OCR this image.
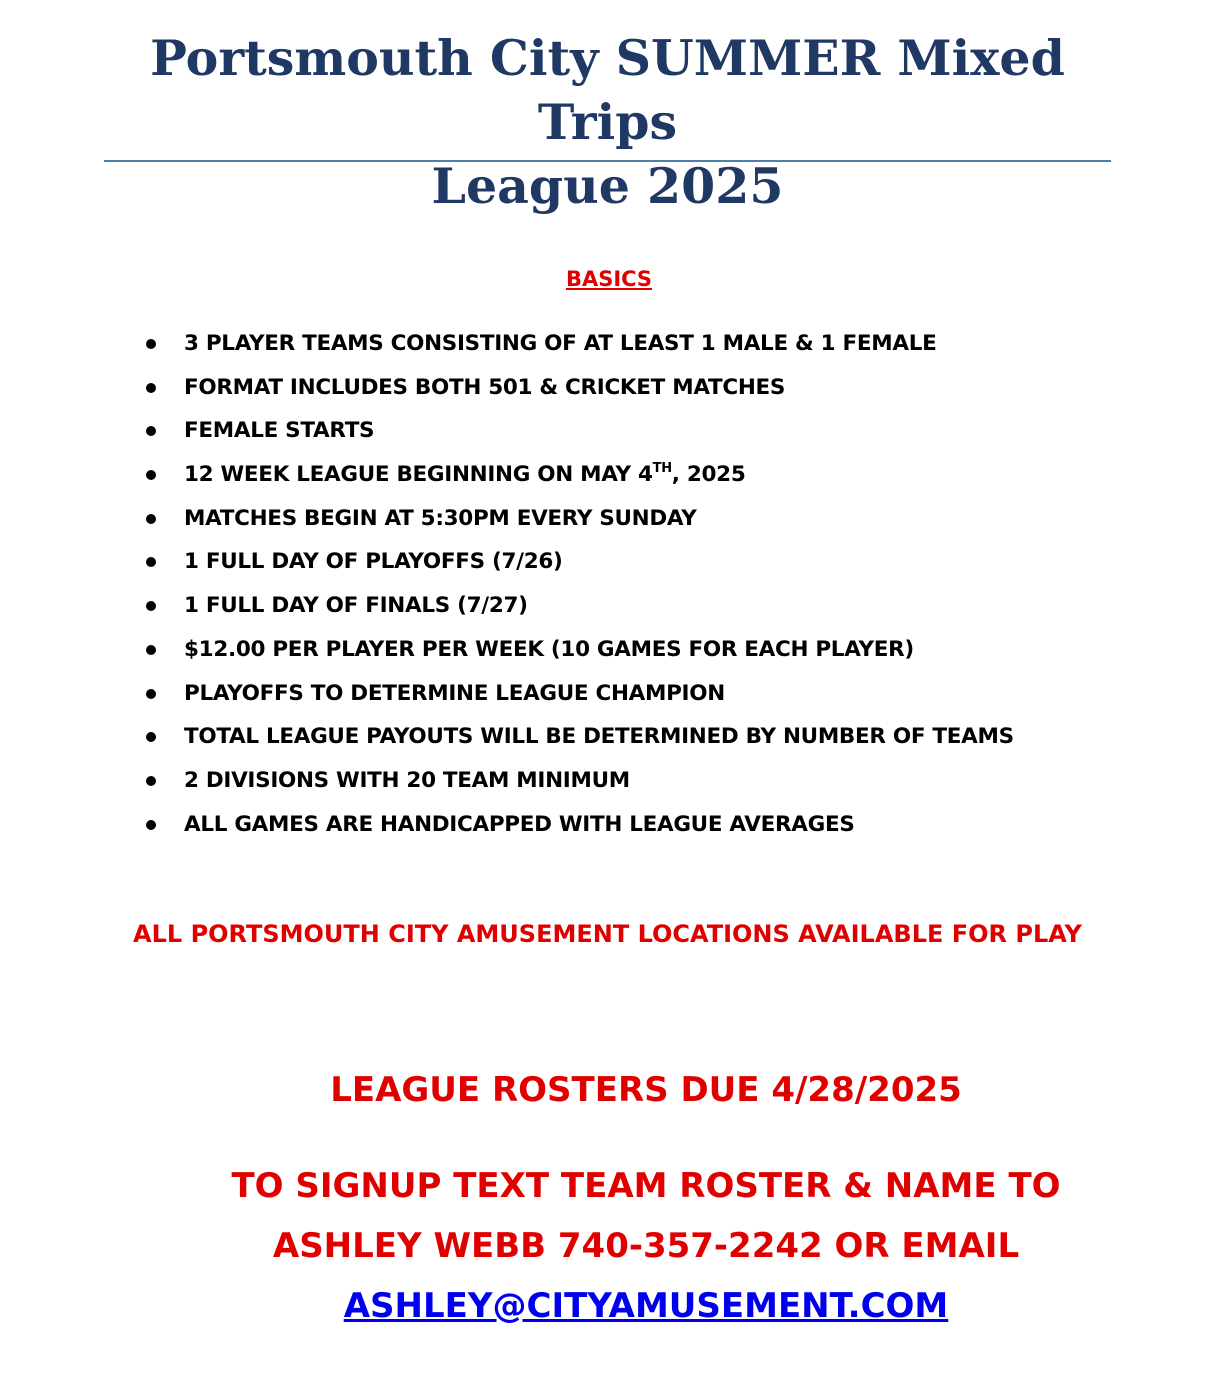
Portsmouth City SUMMER Mixed Trips
League 2025
BASICS
3 PLAYER TEAMS CONSISTING OF AT LEAST 1 MALE & 1 FEMALE
FORMAT INCLUDES BOTH 501 & CRICKET MATCHES
FEMALE STARTS
12 WEEK LEAGUE BEGINNING ON MAY 4TH, 2025
MATCHES BEGIN AT 5:30PM EVERY SUNDAY
1 FULL DAY OF PLAYOFFS (7/26)
1 FULL DAY OF FINALS (7/27)
$12.00 PER PLAYER PER WEEK (10 GAMES FOR EACH PLAYER)
PLAYOFFS TO DETERMINE LEAGUE CHAMPION
TOTAL LEAGUE PAYOUTS WILL BE DETERMINED BY NUMBER OF TEAMS
2 DIVISIONS WITH 20 TEAM MINIMUM
ALL GAMES ARE HANDICAPPED WITH LEAGUE AVERAGES

ALL PORTSMOUTH CITY AMUSEMENT LOCATIONS AVAILABLE FOR PLAY

LEAGUE ROSTERS DUE 4/28/2025

TO SIGNUP TEXT TEAM ROSTER & NAME TO
ASHLEY WEBB 740-357-2242 OR EMAIL
ASHLEY@CITYAMUSEMENT.COM
